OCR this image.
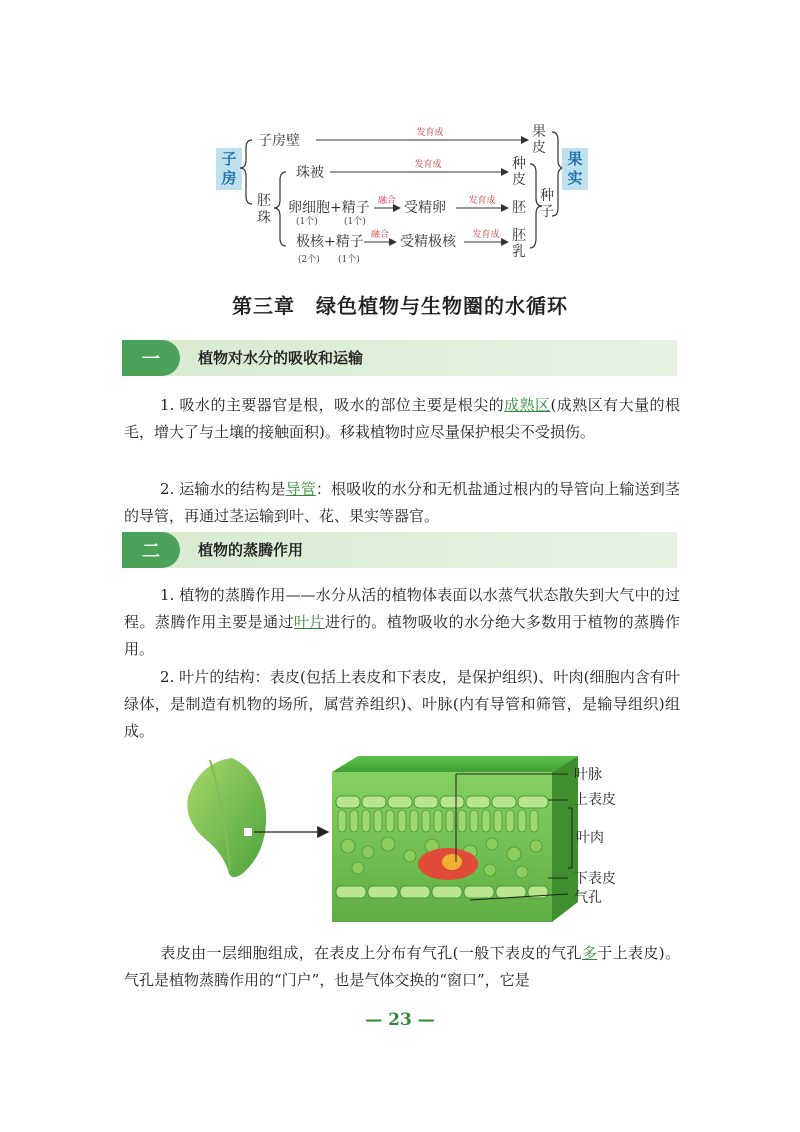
子
房
子房壁
胚
珠
发育成	果
皮
珠被	发育成	种
皮
卵细胞+精子
(1个)	(1个)
融合 受精卵 发育成 胚
极核+精子
(2个) (1个)
融合 受精极核 发育成 胚
乳
种
子
果
实
第三章　绿色植物与生物圈的水循环
一	植物对水分的吸收和运输
1. 吸水的主要器官是根，吸水的部位主要是根尖的成熟区(成熟区有大量的根毛，增大了与土壤的接触面积)。移栽植物时应尽量保护根尖不受损伤。
2. 运输水的结构是导管：根吸收的水分和无机盐通过根内的导管向上输送到茎的导管，再通过茎运输到叶、花、果实等器官。
二	植物的蒸腾作用
1. 植物的蒸腾作用——水分从活的植物体表面以水蒸气状态散失到大气中的过程。蒸腾作用主要是通过叶片进行的。植物吸收的水分绝大多数用于植物的蒸腾作用。
2. 叶片的结构：表皮(包括上表皮和下表皮，是保护组织)、叶肉(细胞内含有叶绿体，是制造有机物的场所，属营养组织)、叶脉(内有导管和筛管，是输导组织)组成。
叶脉
上表皮
叶肉
下表皮
气孔
表皮由一层细胞组成，在表皮上分布有气孔(一般下表皮的气孔多于上表皮)。气孔是植物蒸腾作用的“门户”，也是气体交换的“窗口”，它是
— 23 —
